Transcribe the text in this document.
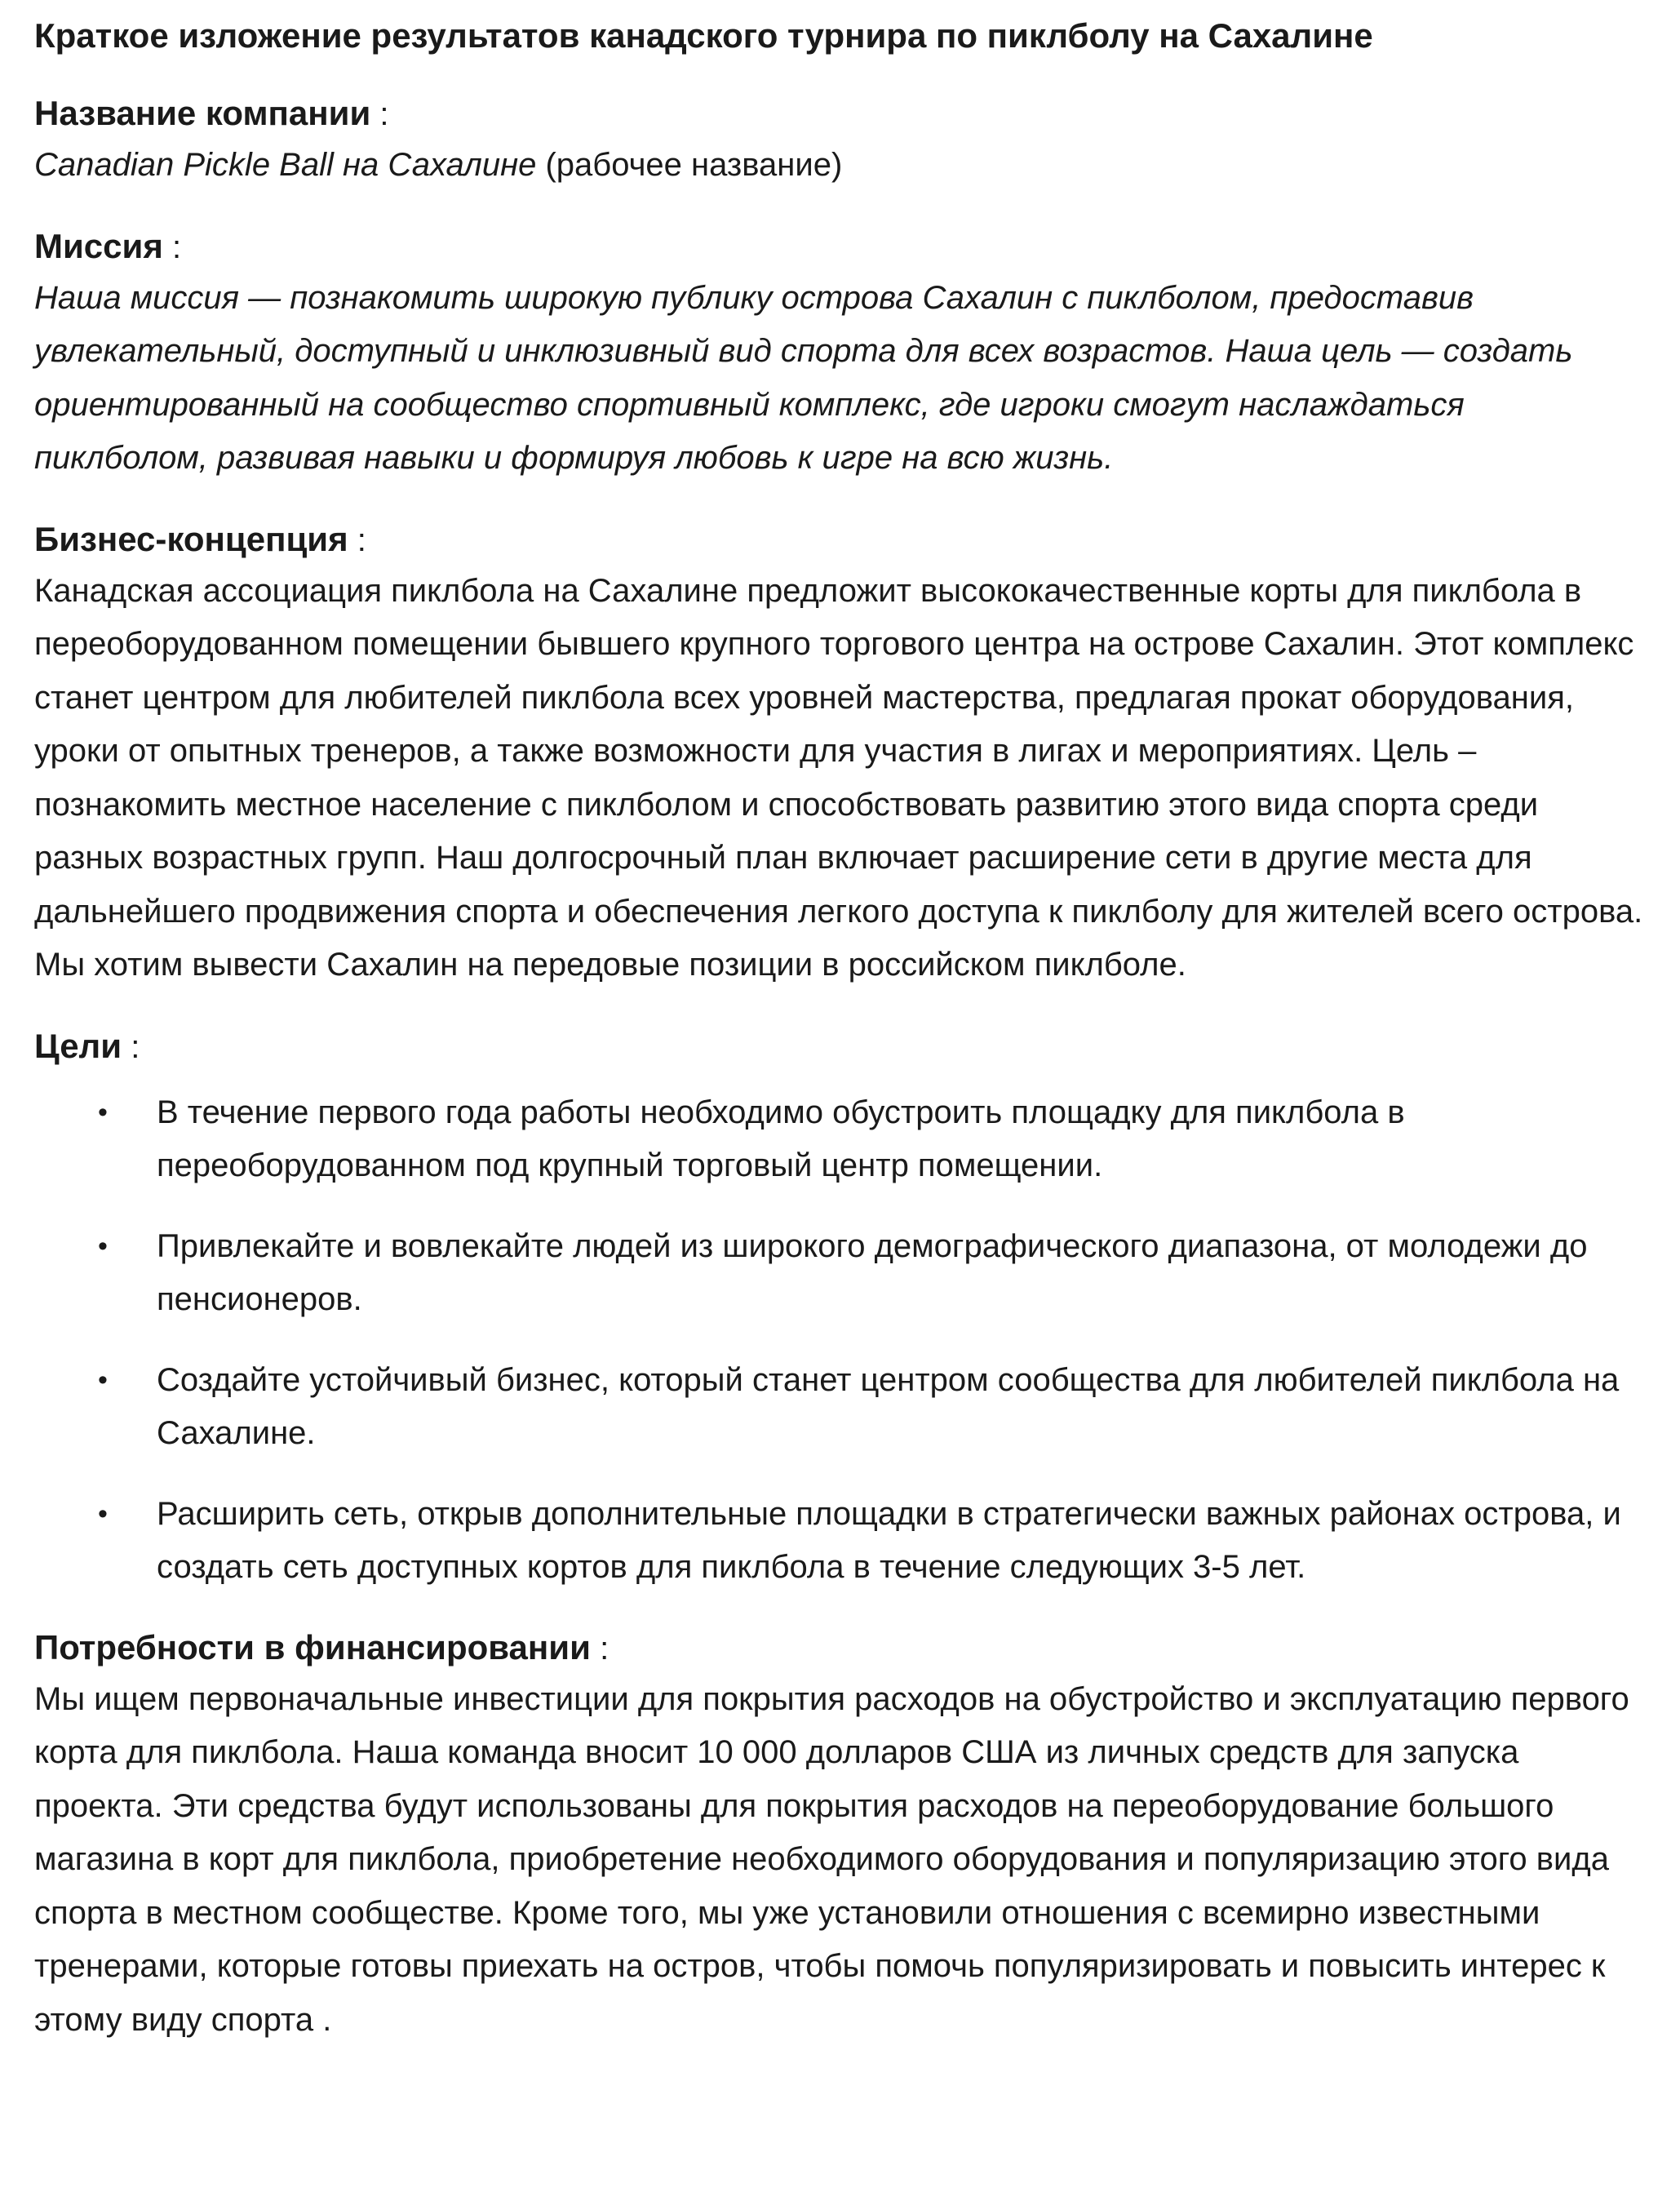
Краткое изложение результатов канадского турнира по пиклболу на Сахалине

Название компании :

Canadian Pickle Ball на Сахалине (рабочее название)

Миссия :

Наша миссия — познакомить широкую публику острова Сахалин с пиклболом, предоставив увлекательный, доступный и инклюзивный вид спорта для всех возрастов. Наша цель — создать ориентированный на сообщество спортивный комплекс, где игроки смогут наслаждаться пиклболом, развивая навыки и формируя любовь к игре на всю жизнь.

Бизнес-концепция :

Канадская ассоциация пиклбола на Сахалине предложит высококачественные корты для пиклбола в переоборудованном помещении бывшего крупного торгового центра на острове Сахалин. Этот комплекс станет центром для любителей пиклбола всех уровней мастерства, предлагая прокат оборудования, уроки от опытных тренеров, а также возможности для участия в лигах и мероприятиях. Цель – познакомить местное население с пиклболом и способствовать развитию этого вида спорта среди разных возрастных групп. Наш долгосрочный план включает расширение сети в другие места для дальнейшего продвижения спорта и обеспечения легкого доступа к пиклболу для жителей всего острова. Мы хотим вывести Сахалин на передовые позиции в российском пиклболе.

Цели :

• В течение первого года работы необходимо обустроить площадку для пиклбола в переоборудованном под крупный торговый центр помещении.
• Привлекайте и вовлекайте людей из широкого демографического диапазона, от молодежи до пенсионеров.
• Создайте устойчивый бизнес, который станет центром сообщества для любителей пиклбола на Сахалине.
• Расширить сеть, открыв дополнительные площадки в стратегически важных районах острова, и создать сеть доступных кортов для пиклбола в течение следующих 3-5 лет.

Потребности в финансировании :

Мы ищем первоначальные инвестиции для покрытия расходов на обустройство и эксплуатацию первого корта для пиклбола. Наша команда вносит 10 000 долларов США из личных средств для запуска проекта. Эти средства будут использованы для покрытия расходов на переоборудование большого магазина в корт для пиклбола, приобретение необходимого оборудования и популяризацию этого вида спорта в местном сообществе. Кроме того, мы уже установили отношения с всемирно известными тренерами, которые готовы приехать на остров, чтобы помочь популяризировать и повысить интерес к этому виду спорта .
